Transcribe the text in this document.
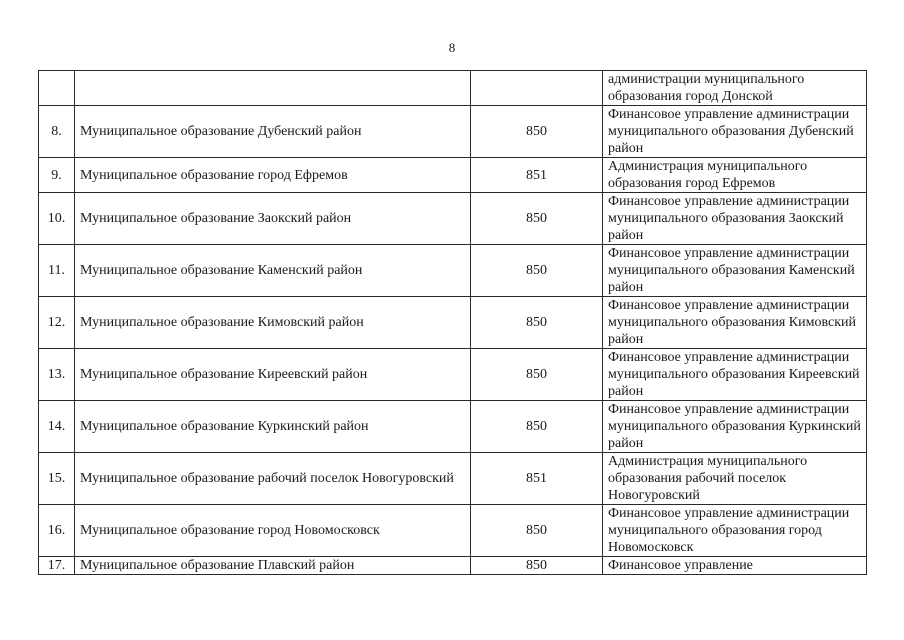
8
			администрации муниципального образования город Донской
8.	Муниципальное образование Дубенский район	850	Финансовое управление администрации муниципального образования Дубенский район
9.	Муниципальное образование город Ефремов	851	Администрация муниципального образования город Ефремов
10.	Муниципальное образование Заокский район	850	Финансовое управление администрации муниципального образования Заокский район
11.	Муниципальное образование Каменский район	850	Финансовое управление администрации муниципального образования Каменский район
12.	Муниципальное образование Кимовский район	850	Финансовое управление администрации муниципального образования Кимовский район
13.	Муниципальное образование Киреевский район	850	Финансовое управление администрации муниципального образования Киреевский район
14.	Муниципальное образование Куркинский район	850	Финансовое управление администрации муниципального образования Куркинский район
15.	Муниципальное образование рабочий поселок Новогуровский	851	Администрация муниципального образования рабочий поселок Новогуровский
16.	Муниципальное образование город Новомосковск	850	Финансовое управление администрации муниципального образования город Новомосковск
17.	Муниципальное образование Плавский район	850	Финансовое управление
